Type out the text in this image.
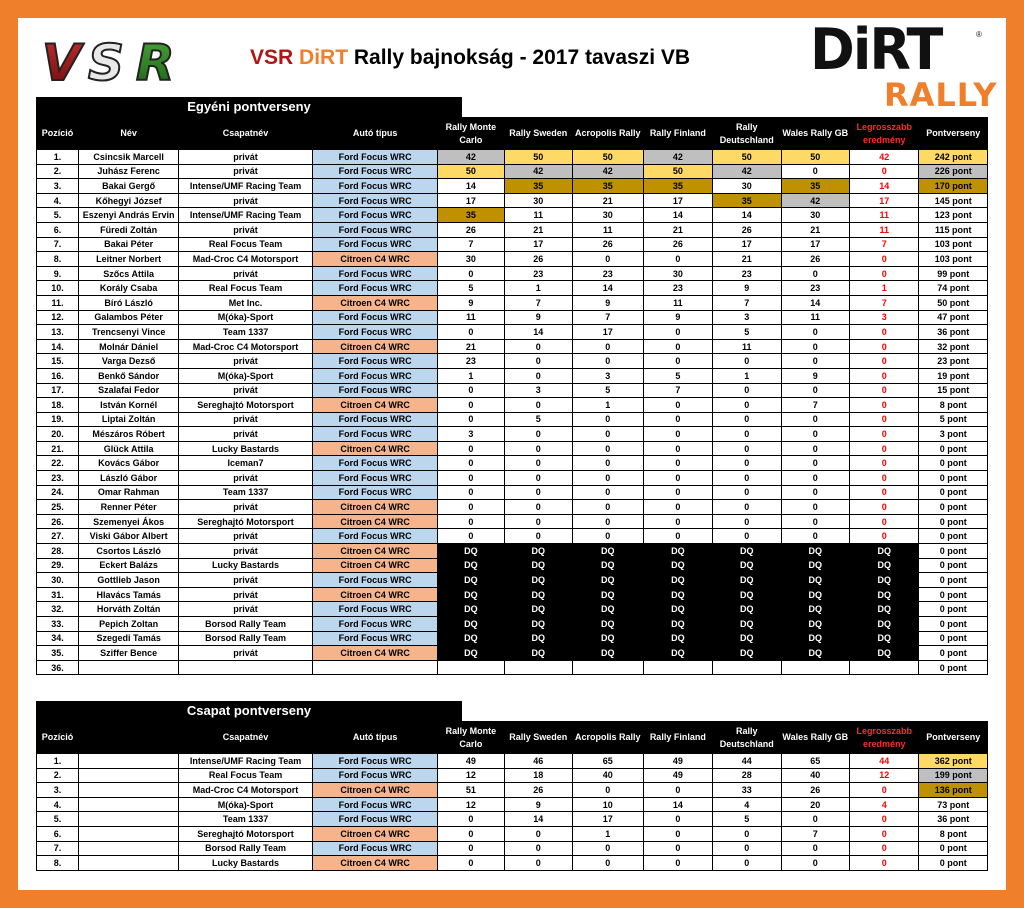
V S R
VSR
VSR DiRT Rally bajnokság - 2017 tavaszi VB DiRT	®
RALLY
Egyéni pontverseny
Pozíció	Név	Csapatnév	Autó típus	Rally Monte Carlo	Rally Sweden	Acropolis Rally	Rally Finland	Rally Deutschland	Wales Rally GB	Legrosszabb eredmény	Pontverseny
1.	Csincsik Marcell	privát	Ford Focus WRC	42	50	50	42	50	50	42	242 pont
2.	Juhász Ferenc	privát	Ford Focus WRC	50	42	42	50	42	0	0	226 pont
3.	Bakai Gergő	Intense/UMF Racing Team	Ford Focus WRC	14	35	35	35	30	35	14	170 pont
4.	Kőhegyi József	privát	Ford Focus WRC	17	30	21	17	35	42	17	145 pont
5.	Eszenyi András Ervin	Intense/UMF Racing Team	Ford Focus WRC	35	11	30	14	14	30	11	123 pont
6.	Füredi Zoltán	privát	Ford Focus WRC	26	21	11	21	26	21	11	115 pont
7.	Bakai Péter	Real Focus Team	Ford Focus WRC	7	17	26	26	17	17	7	103 pont
8.	Leitner Norbert	Mad-Croc C4 Motorsport	Citroen C4 WRC	30	26	0	0	21	26	0	103 pont
9.	Szőcs Attila	privát	Ford Focus WRC	0	23	23	30	23	0	0	99 pont
10.	Korály Csaba	Real Focus Team	Ford Focus WRC	5	1	14	23	9	23	1	74 pont
11.	Bíró László	Met Inc.	Citroen C4 WRC	9	7	9	11	7	14	7	50 pont
12.	Galambos Péter	M(óka)-Sport	Ford Focus WRC	11	9	7	9	3	11	3	47 pont
13.	Trencsenyi Vince	Team 1337	Ford Focus WRC	0	14	17	0	5	0	0	36 pont
14.	Molnár Dániel	Mad-Croc C4 Motorsport	Citroen C4 WRC	21	0	0	0	11	0	0	32 pont
15.	Varga Dezső	privát	Ford Focus WRC	23	0	0	0	0	0	0	23 pont
16.	Benkő Sándor	M(óka)-Sport	Ford Focus WRC	1	0	3	5	1	9	0	19 pont
17.	Szalafai Fedor	privát	Ford Focus WRC	0	3	5	7	0	0	0	15 pont
18.	István Kornél	Sereghajtó Motorsport	Citroen C4 WRC	0	0	1	0	0	7	0	8 pont
19.	Liptai Zoltán	privát	Ford Focus WRC	0	5	0	0	0	0	0	5 pont
20.	Mészáros Róbert	privát	Ford Focus WRC	3	0	0	0	0	0	0	3 pont
21.	Glück Attila	Lucky Bastards	Citroen C4 WRC	0	0	0	0	0	0	0	0 pont
22.	Kovács Gábor	Iceman7	Ford Focus WRC	0	0	0	0	0	0	0	0 pont
23.	László Gábor	privát	Ford Focus WRC	0	0	0	0	0	0	0	0 pont
24.	Omar Rahman	Team 1337	Ford Focus WRC	0	0	0	0	0	0	0	0 pont
25.	Renner Péter	privát	Citroen C4 WRC	0	0	0	0	0	0	0	0 pont
26.	Szemenyei Ákos	Sereghajtó Motorsport	Citroen C4 WRC	0	0	0	0	0	0	0	0 pont
27.	Viski Gábor Albert	privát	Ford Focus WRC	0	0	0	0	0	0	0	0 pont
28.	Csortos László	privát	Citroen C4 WRC	DQ	DQ	DQ	DQ	DQ	DQ	DQ	0 pont
29.	Eckert Balázs	Lucky Bastards	Citroen C4 WRC	DQ	DQ	DQ	DQ	DQ	DQ	DQ	0 pont
30.	Gottlieb Jason	privát	Ford Focus WRC	DQ	DQ	DQ	DQ	DQ	DQ	DQ	0 pont
31.	Hlavács Tamás	privát	Citroen C4 WRC	DQ	DQ	DQ	DQ	DQ	DQ	DQ	0 pont
32.	Horváth Zoltán	privát	Ford Focus WRC	DQ	DQ	DQ	DQ	DQ	DQ	DQ	0 pont
33.	Pepich Zoltan	Borsod Rally Team	Ford Focus WRC	DQ	DQ	DQ	DQ	DQ	DQ	DQ	0 pont
34.	Szegedi Tamás	Borsod Rally Team	Ford Focus WRC	DQ	DQ	DQ	DQ	DQ	DQ	DQ	0 pont
35.	Sziffer Bence	privát	Citroen C4 WRC	DQ	DQ	DQ	DQ	DQ	DQ	DQ	0 pont
36.											0 pont
Csapat pontverseny
Pozíció		Csapatnév	Autó típus	Rally Monte Carlo	Rally Sweden	Acropolis Rally	Rally Finland	Rally Deutschland	Wales Rally GB	Legrosszabb eredmény	Pontverseny
1.		Intense/UMF Racing Team	Ford Focus WRC	49	46	65	49	44	65	44	362 pont
2.		Real Focus Team	Ford Focus WRC	12	18	40	49	28	40	12	199 pont
3.		Mad-Croc C4 Motorsport	Citroen C4 WRC	51	26	0	0	33	26	0	136 pont
4.		M(óka)-Sport	Ford Focus WRC	12	9	10	14	4	20	4	73 pont
5.		Team 1337	Ford Focus WRC	0	14	17	0	5	0	0	36 pont
6.		Sereghajtó Motorsport	Citroen C4 WRC	0	0	1	0	0	7	0	8 pont
7.		Borsod Rally Team	Ford Focus WRC	0	0	0	0	0	0	0	0 pont
8.		Lucky Bastards	Citroen C4 WRC	0	0	0	0	0	0	0	0 pont
